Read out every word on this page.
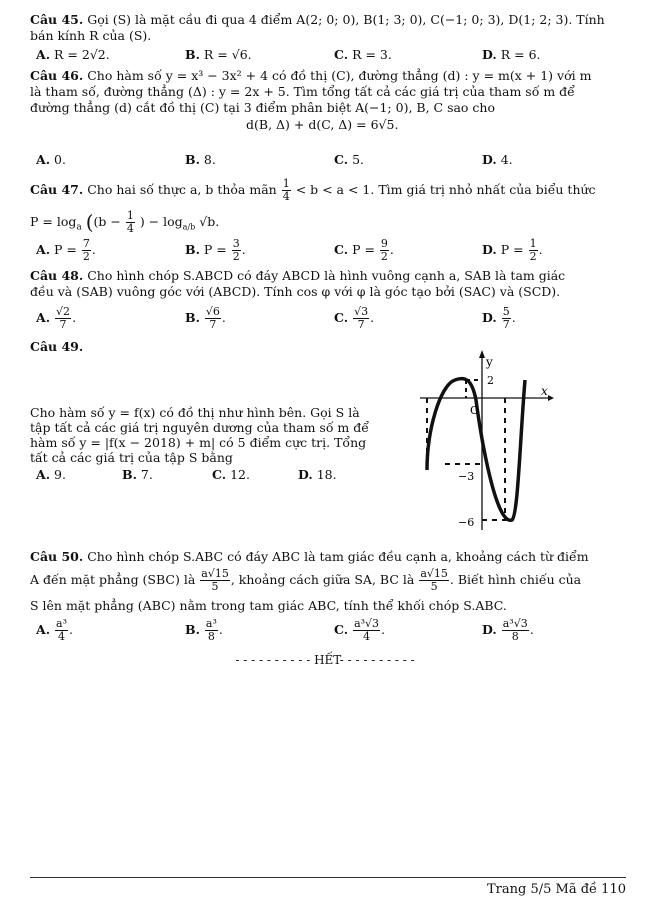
Câu 45. Gọi (S) là mặt cầu đi qua 4 điểm A(2; 0; 0), B(1; 3; 0), C(−1; 0; 3), D(1; 2; 3). Tính
bán kính R của (S).
A. R = 2√2.	B. R = √6.	C. R = 3.	D. R = 6.
Câu 46. Cho hàm số y = x³ − 3x² + 4 có đồ thị (C), đường thẳng (d) : y = m(x + 1) với m
là tham số, đường thẳng (Δ) : y = 2x + 5. Tìm tổng tất cả các giá trị của tham số m để
đường thẳng (d) cắt đồ thị (C) tại 3 điểm phân biệt A(−1; 0), B, C sao cho
d(B, Δ) + d(C, Δ) = 6√5.
A. 0.	B. 8.	C. 5.	D. 4.
Câu 47. Cho hai số thực a, b thỏa mãn $\frac{1}{4} < b < a < 1$. Tìm giá trị nhỏ nhất của biểu thức
$P = \log_a ((b - \frac{1}{4}$ ) − $\log_{a/b} √b$.
A. $P = \frac{7}{2}$ .	B. $P = \frac{3}{2}$ .	C. $P = \frac{9}{2}$ .	D. $P = \frac{1}{2}$ .
Câu 48. Cho hình chóp S.ABCD có đáy ABCD là hình vuông cạnh a, SAB là tam giác
đều và (SAB) vuông góc với (ABCD). Tính cos φ với φ là góc tạo bởi (SAC) và (SCD).
A. $\frac{√2}{7}$ .	B. $\frac{√6}{7}$ .	C. $\frac{√3}{7}$ .	D. $\frac{5}{7}$ .
Câu 49.
Cho hàm số y = f(x) có đồ thị như hình bên. Gọi S là
tập tất cả các giá trị nguyên dương của tham số m để
hàm số y = |f(x − 2018) + m| có 5 điểm cực trị. Tổng
tất cả các giá trị của tập S bằng
A. 9.	B. 7.	C. 12.	D. 18.
y
x
O
2
−3
−6
Câu 50. Cho hình chóp S.ABC có đáy ABC là tam giác đều cạnh a, khoảng cách từ điểm
A đến mặt phẳng (SBC) là $\frac{a√15}{5}$ , khoảng cách giữa SA, BC là $\frac{a√15}{5}$ . Biết hình chiếu của
S lên mặt phẳng (ABC) nằm trong tam giác ABC, tính thể khối chóp S.ABC.
A. $\frac{\text{a³}}{4}$ .	B. $\frac{\text{a³}}{8}$ .	C. $\frac{\text{a³√3}}{4}$ .	D. $\frac{\text{a³√3}}{8}$ .
- - - - - - - - - - HẾT- - - - - - - - - -
Trang 5/5 Mã đề 110
